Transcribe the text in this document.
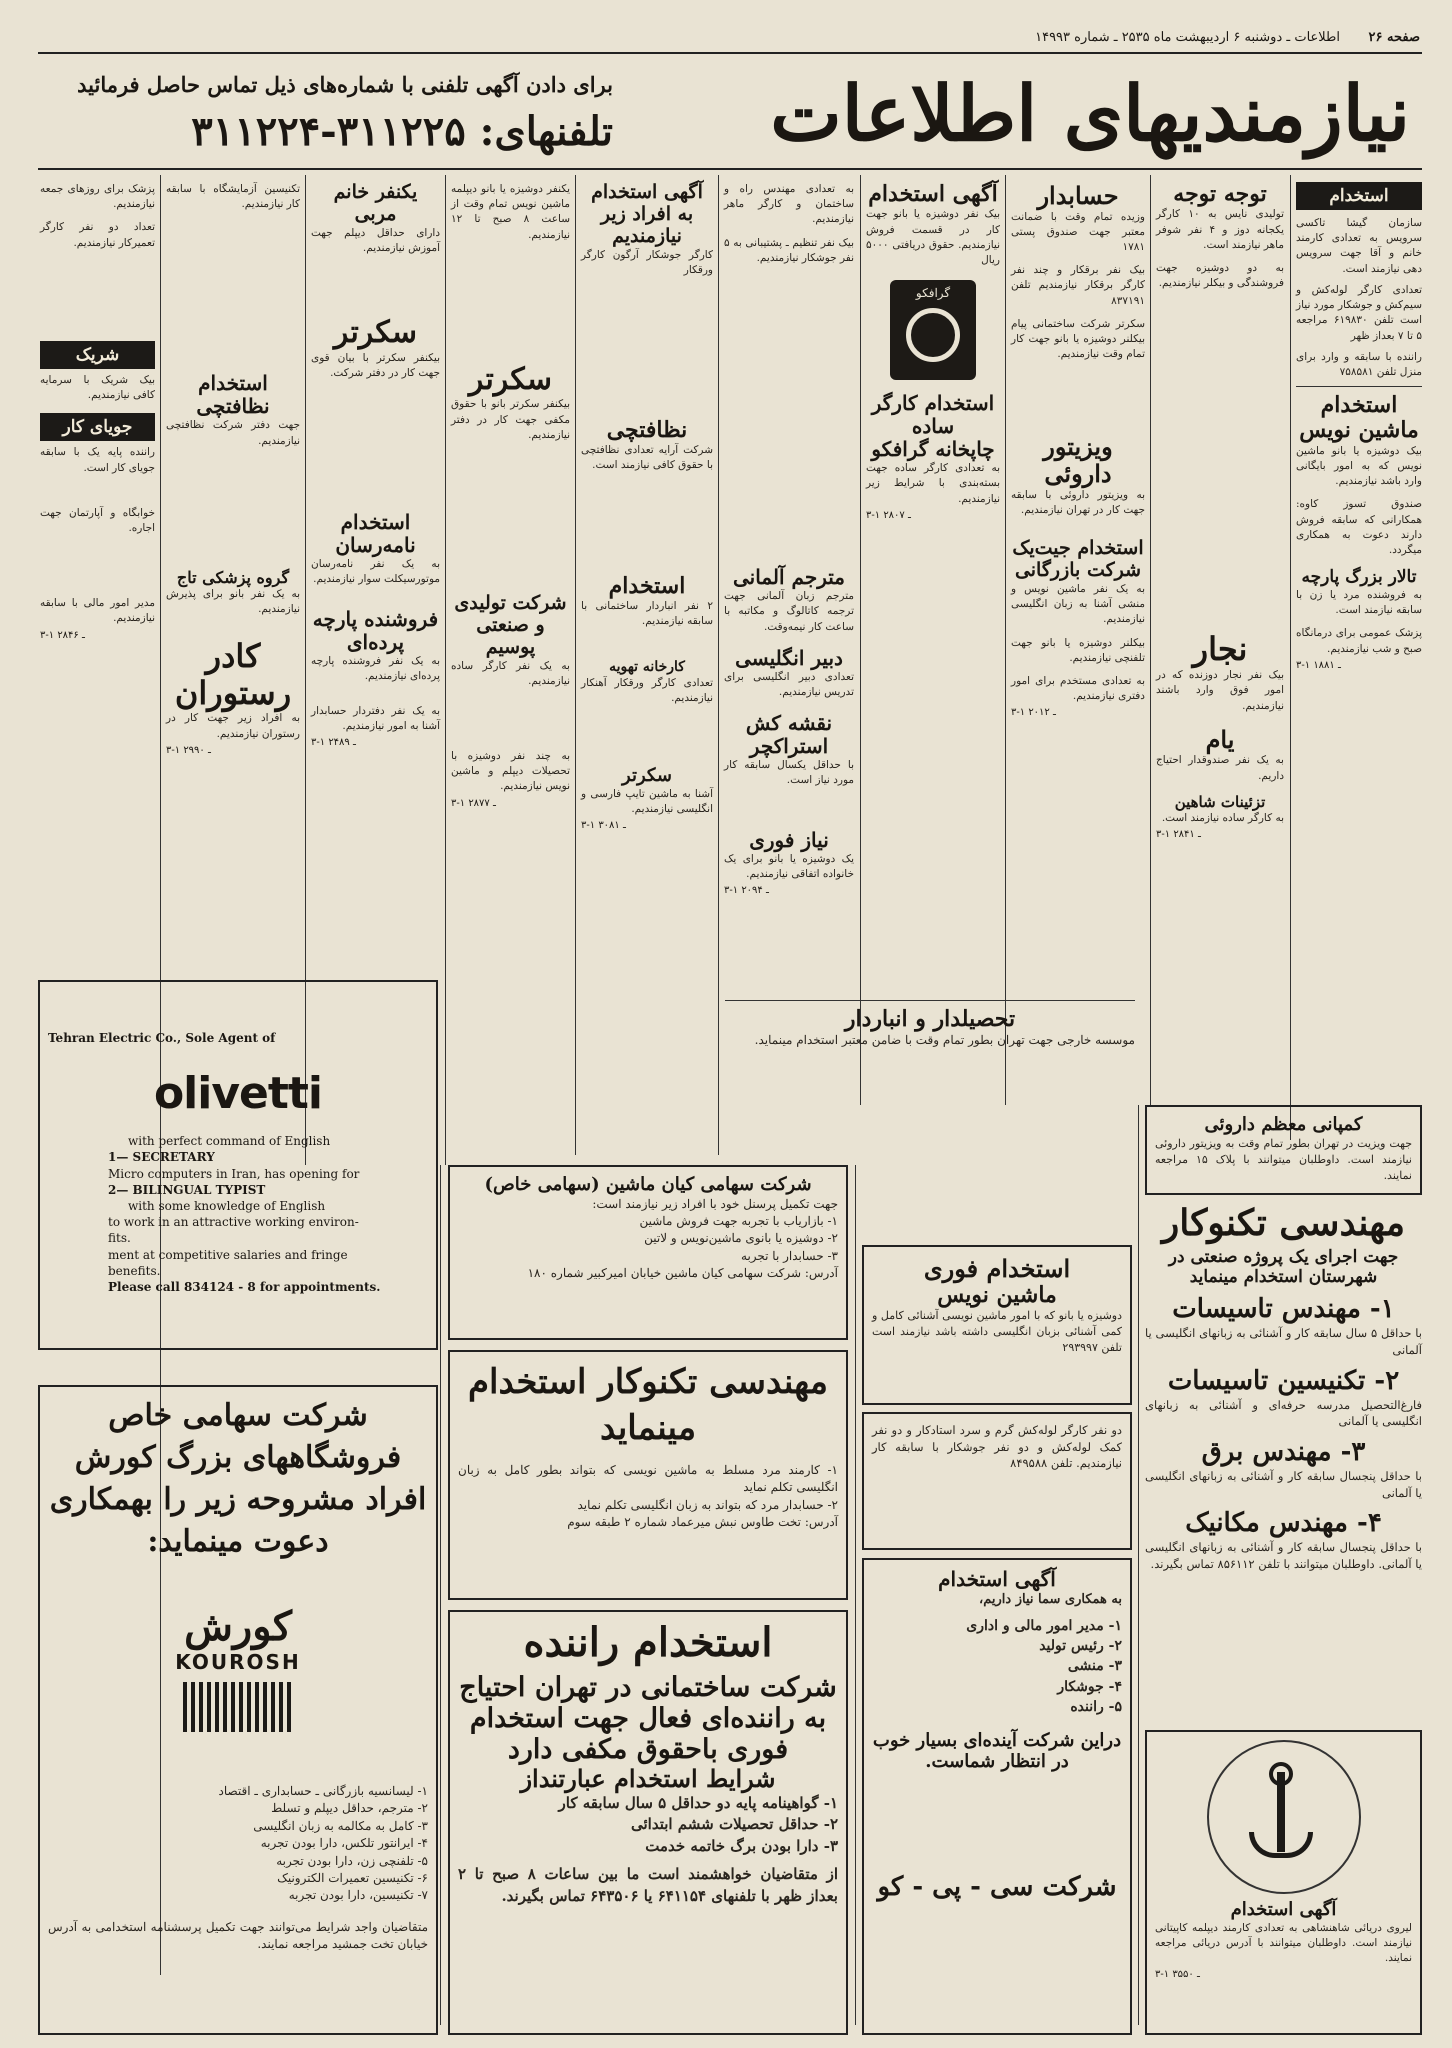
صفحه ۲۶
اطلاعات ـ دوشنبه ۶ اردیبهشت ماه ۲۵۳۵ ـ شماره ۱۴۹۹۳
نیازمندیهای اطلاعات
برای دادن آگهی تلفنی با شماره‌های ذیل تماس حاصل فرمائید
تلفنهای: ۳۱۱۲۲۵-۳۱۱۲۲۴
استخدام
سازمان گیشا تاکسی سرویس به تعدادی کارمند خانم و آقا جهت سرویس دهی نیازمند است.
تعدادی کارگر لوله‌کش و سیم‌کش و جوشکار مورد نیاز است تلفن ۶۱۹۸۳۰ مراجعه ۵ تا ۷ بعداز ظهر
راننده با سابقه و وارد برای منزل تلفن ۷۵۸۵۸۱
استخدام ماشین نویس
بیک دوشیزه یا بانو ماشین نویس که به امور بایگانی وارد باشد نیازمندیم.
صندوق تسوز کاوه: همکارانی که سابقه فروش دارند دعوت به همکاری میگردد.
تالار بزرگ پارچه
به فروشنده مرد یا زن با سابقه نیازمند است.
پزشک عمومی برای درمانگاه صبح و شب نیازمندیم.
۳-۱ ـ ۱۸۸۱
توجه توجه
تولیدی نایس به ۱۰ کارگر یکجانه دوز و ۴ نفر شوفر ماهر نیازمند است.
به دو دوشیزه جهت فروشندگی و بیکلر نیازمندیم.
نجار
بیک نفر نجار دوزنده که در امور فوق وارد باشند نیازمندیم.
یام
به یک نفر صندوقدار احتیاج داریم.
تزئینات شاهین
به کارگر ساده نیازمند است.
۳-۱ ـ ۲۸۴۱
حسابدار
وزیده تمام وقت با ضمانت معتبر جهت صندوق پستی ۱۷۸۱
بیک نفر برقکار و چند نفر کارگر برقکار نیازمندیم تلفن ۸۳۷۱۹۱
سکرتر شرکت ساختمانی پیام بیکلنر دوشیزه یا بانو جهت کار تمام وقت نیازمندیم.
ویزیتور داروئی
به ویزیتور داروئی با سابقه جهت کار در تهران نیازمندیم.
استخدام جیت‌یک شرکت بازرگانی
به یک نفر ماشین نویس و منشی آشنا به زبان انگلیسی نیازمندیم.
بیکلنر دوشیزه یا بانو جهت تلفنچی نیازمندیم.
به تعدادی مستخدم برای امور دفتری نیازمندیم.
۳-۱ ـ ۲۰۱۲
آگهی استخدام
بیک نفر دوشیزه یا بانو جهت کار در قسمت فروش نیازمندیم. حقوق دریافتی ۵۰۰۰ ریال
گرافکو
استخدام کارگر ساده
چاپخانه گرافکو
به تعدادی کارگر ساده جهت بسته‌بندی با شرایط زیر نیازمندیم.
۳-۱ ـ ۲۸۰۷
تحصیلدار و انباردار
موسسه خارجی جهت تهران بطور تمام وقت با ضامن معتبر استخدام مینماید.
به تعدادی مهندس راه و ساختمان و کارگر ماهر نیازمندیم.
بیک نفر تنظیم ـ پشتیبانی به ۵ نفر جوشکار نیازمندیم.
مترجم آلمانی
مترجم زبان آلمانی جهت ترجمه کاتالوگ و مکاتبه با ساعت کار نیمه‌وقت.
دبیر انگلیسی
تعدادی دبیر انگلیسی برای تدریس نیازمندیم.
نقشه کش استراکچر
با حداقل یکسال سابقه کار مورد نیاز است.
نیاز فوری
یک دوشیزه یا بانو برای یک خانواده اتفاقی نیازمندیم.
۳-۱ ـ ۲۰۹۴
آگهی استخدام به افراد زیر نیازمندیم
کارگر جوشکار آرگون کارگر ورقکار
نظافتچی
شرکت آرایه تعدادی نظافتچی با حقوق کافی نیازمند است.
استخدام
۲ نفر انباردار ساختمانی با سابقه نیازمندیم.
کارخانه تهویه
تعدادی کارگر ورقکار آهنکار نیازمندیم.
سکرتر
آشنا به ماشین تایپ فارسی و انگلیسی نیازمندیم.
۳-۱ ـ ۳۰۸۱
یکنفر دوشیزه یا بانو دیپلمه ماشین نویس تمام وقت از ساعت ۸ صبح تا ۱۲ نیازمندیم.
سکرتر
بیکنفر سکرتر بانو با حقوق مکفی جهت کار در دفتر نیازمندیم.
شرکت تولیدی و صنعتی پوسیم
به یک نفر کارگر ساده نیازمندیم.
به چند نفر دوشیزه با تحصیلات دیپلم و ماشین نویس نیازمندیم.
۳-۱ ـ ۲۸۷۷
یکنفر خانم مربی
دارای حداقل دیپلم جهت آموزش نیازمندیم.
سکرتر
بیکنفر سکرتر با بیان قوی جهت کار در دفتر شرکت.
استخدام نامه‌رسان
به یک نفر نامه‌رسان موتورسیکلت سوار نیازمندیم.
فروشنده پارچه پرده‌ای
به یک نفر فروشنده پارچه پرده‌ای نیازمندیم.
به یک نفر دفتردار حسابدار آشنا به امور نیازمندیم.
۳-۱ ـ ۲۴۸۹
تکنیسین آزمایشگاه با سابقه کار نیازمندیم.
استخدام نظافتچی
جهت دفتر شرکت نظافتچی نیازمندیم.
گروه پزشکی تاج
به یک نفر بانو برای پذیرش نیازمندیم.
کادر رستوران
به افراد زیر جهت کار در رستوران نیازمندیم.
۳-۱ ـ ۲۹۹۰
پزشک برای روزهای جمعه نیازمندیم.
تعداد دو نفر کارگر تعمیرکار نیازمندیم.
شریک
بیک شریک با سرمایه کافی نیازمندیم.
جویای کار
راننده پایه یک با سابقه جویای کار است.
خوابگاه و آپارتمان جهت اجاره.
مدیر امور مالی با سابقه نیازمندیم.
۳-۱ ـ ۲۸۴۶
Tehran Electric Co., Sole Agent of
olivetti
with perfect command of English
1— SECRETARY
Micro computers in Iran, has opening for
2— BILINGUAL TYPIST
with some knowledge of English
to work in an attractive working environ-
fits.
ment at competitive salaries and fringe
benefits.
Please call 834124 - 8 for appointments.
شرکت سهامی خاص فروشگاههای بزرگ کورش افراد مشروحه زیر را بهمکاری دعوت مینماید:
کورش
KOUROSH
۱- لیسانسیه بازرگانی ـ حسابداری ـ اقتصاد
۲- مترجم، حداقل دیپلم و تسلط
۳- کامل به مکالمه به زبان انگلیسی
۴- ایرانتور تلکس، دارا بودن تجربه
۵- تلفنچی زن، دارا بودن تجربه
۶- تکنیسین تعمیرات الکترونیک
۷- تکنیسین، دارا بودن تجربه
متقاضیان واجد شرایط می‌توانند جهت تکمیل پرسشنامه استخدامی به آدرس خیابان تخت جمشید مراجعه نمایند.
شرکت سهامی کیان ماشین (سهامی خاص)
جهت تکمیل پرسنل خود با افراد زیر نیازمند است:
۱- بازاریاب با تجربه جهت فروش ماشین
۲- دوشیزه یا بانوی ماشین‌نویس و لاتین
۳- حسابدار با تجربه
آدرس: شرکت سهامی کیان ماشین خیابان امیرکبیر شماره ۱۸۰
مهندسی تکنوکار استخدام مینماید
۱- کارمند مرد مسلط به ماشین نویسی که بتواند بطور کامل به زبان انگلیسی تکلم نماید
۲- حسابدار مرد که بتواند به زبان انگلیسی تکلم نماید
آدرس: تخت طاوس نبش میرعماد شماره ۲ طبقه سوم
استخدام راننده
شرکت ساختمانی در تهران احتیاج
به راننده‌ای فعال جهت استخدام
فوری باحقوق مکفی دارد
شرایط استخدام عبارتنداز
۱- گواهینامه پایه دو حداقل ۵ سال سابقه کار
۲- حداقل تحصیلات ششم ابتدائی
۳- دارا بودن برگ خاتمه خدمت
از متقاضیان خواهشمند است ما بین ساعات ۸ صبح تا ۲ بعداز ظهر با تلفنهای ۶۴۱۱۵۴ یا ۶۴۳۵۰۶ تماس بگیرند.
استخدام فوری
ماشین نویس
دوشیزه یا بانو که با امور ماشین نویسی آشنائی کامل و کمی آشنائی بزبان انگلیسی داشته باشد نیازمند است تلفن ۲۹۳۹۹۷
دو نفر کارگر لوله‌کش گرم و سرد استادکار و دو نفر کمک لوله‌کش و دو نفر جوشکار با سابقه کار نیازمندیم. تلفن ۸۴۹۵۸۸
آگهی استخدام
به همکاری سما نیاز داریم،
۱- مدیر امور مالی و اداری
۲- رئیس تولید
۳- منشی
۴- جوشکار
۵- راننده
دراین شرکت آینده‌ای بسیار خوب در انتظار شماست.
شرکت سی - پی - کو
کمپانی معظم داروئی
جهت ویزیت در تهران بطور تمام وقت به ویزیتور داروئی نیازمند است. داوطلبان میتوانند با پلاک ۱۵ مراجعه نمایند.
مهندسی تکنوکار
جهت اجرای یک پروژه صنعتی در شهرستان استخدام مینماید
۱- مهندس تاسیسات
با حداقل ۵ سال سابقه کار و آشنائی به زبانهای انگلیسی یا آلمانی
۲- تکنیسین تاسیسات
فارغ‌التحصیل مدرسه حرفه‌ای و آشنائی به زبانهای انگلیسی یا آلمانی
۳- مهندس برق
با حداقل پنجسال سابقه کار و آشنائی به زبانهای انگلیسی یا آلمانی
۴- مهندس مکانیک
با حداقل پنجسال سابقه کار و آشنائی به زبانهای انگلیسی یا آلمانی. داوطلبان میتوانند با تلفن ۸۵۶۱۱۲ تماس بگیرند.
آگهی استخدام
لیروی دریائی شاهنشاهی به تعدادی کارمند دیپلمه کاپیتانی نیازمند است. داوطلبان میتوانند با آدرس دریائی مراجعه نمایند.
۳-۱ ـ ۳۵۵۰
